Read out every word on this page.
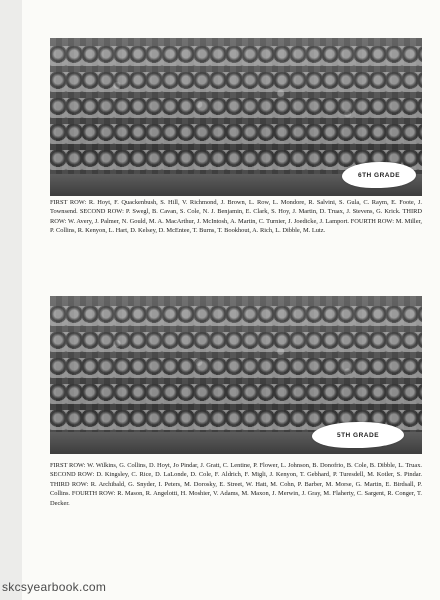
6TH GRADE
FIRST ROW: R. Hoyt, F. Quackenbush, S. Hill, V. Richmond, J. Brown, L. Row, L. Mondore, R. Salvini, S. Gula, C. Raym, E. Foote, J. Townsend. SECOND ROW: P. Swegl, B. Cavan, S. Cole, N. J. Benjamin, E. Clark, S. Hoy, J. Martin, D. Truax, J. Stevens, G. Krick. THIRD ROW: W. Avery, J. Palmer, N. Gould, M. A. MacArthur, J. McIntosh, A. Martin, C. Turnier, J. Joedicke, J. Lamport. FOURTH ROW: M. Miller, P. Collins, R. Kenyon, L. Hart, D. Kelsey, D. McEntee, T. Burns, T. Bookhout, A. Rich, L. Dibble, M. Lutz.
5TH GRADE
FIRST ROW: W. Wilkins, G. Collins, D. Hoyt, Jo Pindar, J. Gratt, C. Lentine, P. Flower, L. Johnson, B. Donofrio, B. Cole, B. Dibble, L. Truax. SECOND ROW: D. Kingsley, C. Rice, D. LaLonde, D. Cole, F. Aldrich, F. Migli, J. Kenyon, T. Gebhard, P. Turesdell, M. Kotler, S. Pindar. THIRD ROW: R. Archibald, G. Snyder, I. Peters, M. Dorosky, E. Street, W. Hatt, M. Cohn, P. Barber, M. Morse, G. Martin, E. Birdsall, P. Collins. FOURTH ROW: R. Mason, R. Angelotti, H. Moshier, V. Adams, M. Maxon, J. Merwin, J. Gray, M. Flaherty, C. Sargent, R. Conger, T. Decker.
skcsyearbook.com
